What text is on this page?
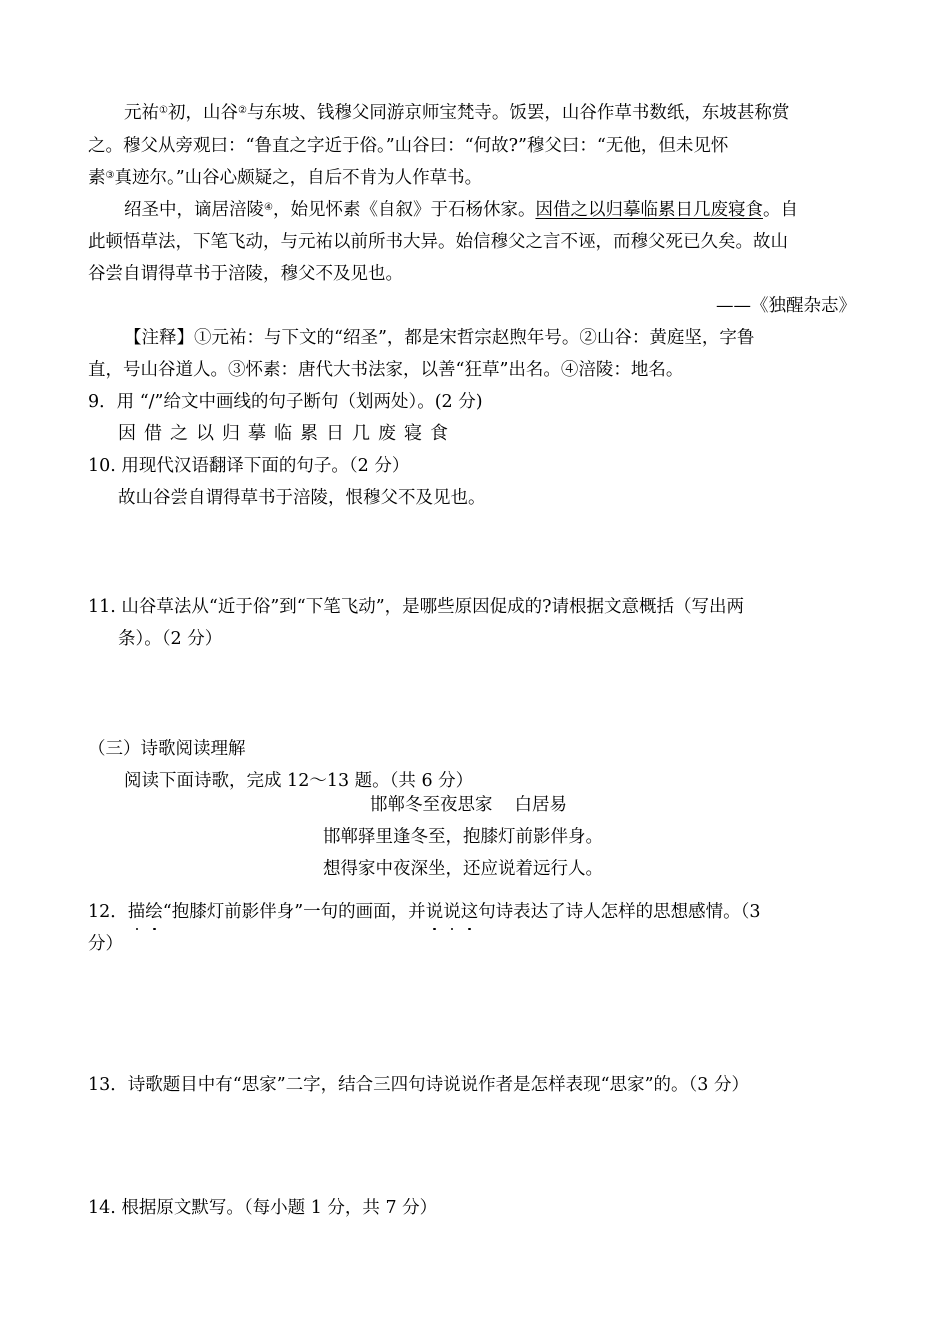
元祐①初，山谷②与东坡、钱穆父同游京师宝梵寺。饭罢，山谷作草书数纸，东坡甚称赏
之。穆父从旁观曰：“鲁直之字近于俗。”山谷曰：“何故?”穆父曰：“无他，但未见怀
素③真迹尔。”山谷心颇疑之，自后不肯为人作草书。
绍圣中，谪居涪陵④，始见怀素《自叙》于石杨休家。因借之以归摹临累日几废寝食。自
此顿悟草法，下笔飞动，与元祐以前所书大异。始信穆父之言不诬，而穆父死已久矣。故山
谷尝自谓得草书于涪陵，穆父不及见也。
——《独醒杂志》
【注释】①元祐：与下文的“绍圣”，都是宋哲宗赵煦年号。②山谷：黄庭坚，字鲁
直，号山谷道人。③怀素：唐代大书法家，以善“狂草”出名。④涪陵：地名。
9．用 “/”给文中画线的句子断句（划两处）。(2 分)
因 借 之 以 归 摹 临 累 日 几 废 寝 食
10. 用现代汉语翻译下面的句子。（2 分）
故山谷尝自谓得草书于涪陵，恨穆父不及见也。
11. 山谷草法从“近于俗”到“下笔飞动”，是哪些原因促成的?请根据文意概括（写出两
条）。（2 分）
（三）诗歌阅读理解
阅读下面诗歌，完成 12～13 题。（共 6 分）
邯郸冬至夜思家 白居易
邯郸驿里逢冬至，抱膝灯前影伴身。
想得家中夜深坐，还应说着远行人。
12．描绘“抱膝灯前影伴身”一句的画面，并说说这句诗表达了诗人怎样的思想感情。（3
分）
13．诗歌题目中有“思家”二字，结合三四句诗说说作者是怎样表现“思家”的。（3 分）
14. 根据原文默写。（每小题 1 分，共 7 分）
